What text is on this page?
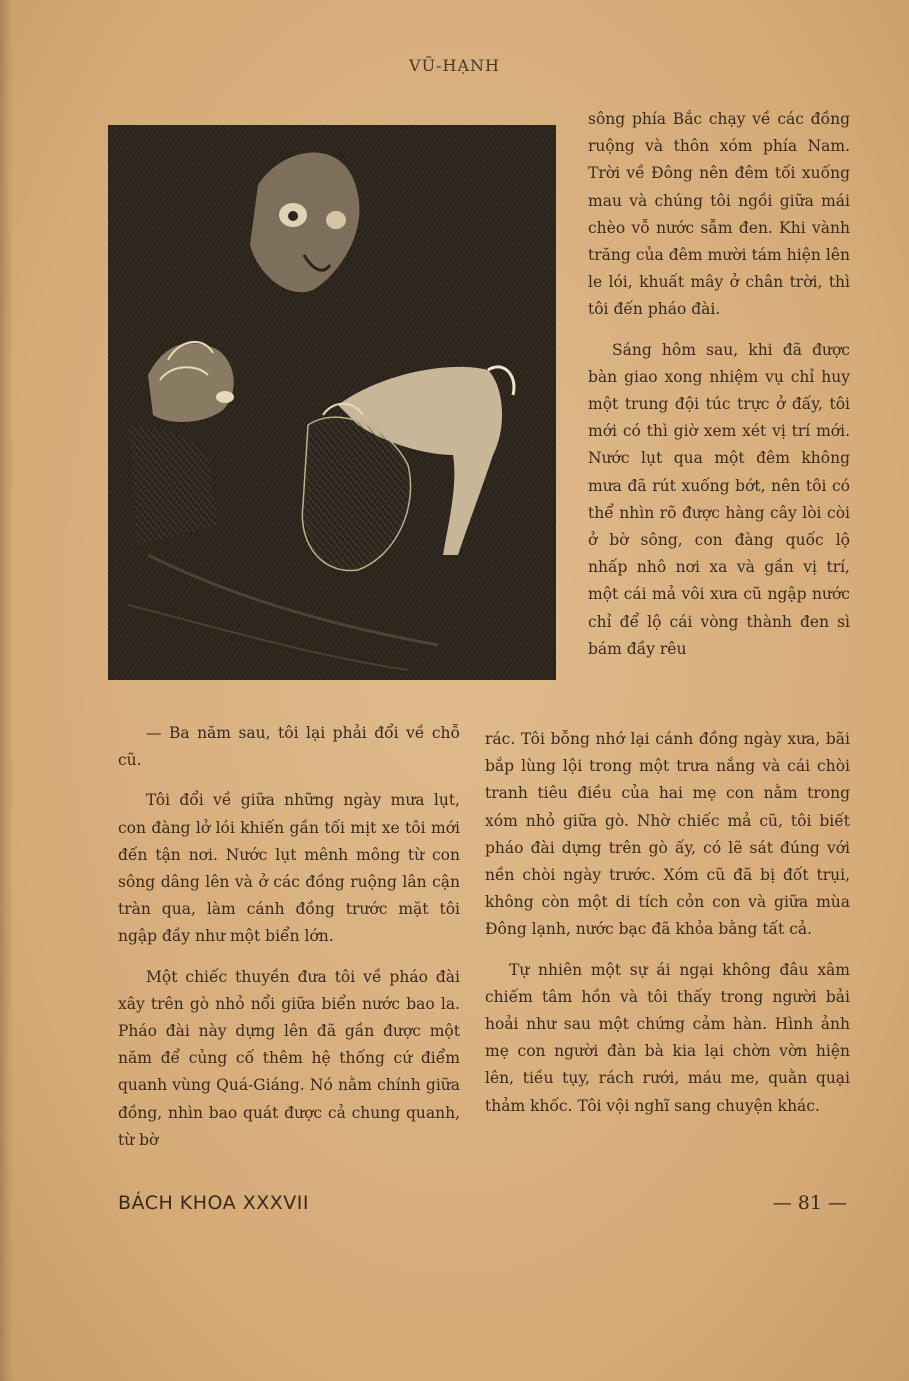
VŨ-HẠNH

— Ba năm sau, tôi lại phải đổi về chỗ cũ.

Tôi đổi về giữa những ngày mưa lụt, con đàng lở lói khiến gần tối mịt xe tôi mới đến tận nơi. Nước lụt mênh mông từ con sông dâng lên và ở các đồng ruộng lân cận tràn qua, làm cánh đồng trước mặt tôi ngập đầy như một biển lớn.

Một chiếc thuyền đưa tôi về pháo đài xây trên gò nhỏ nổi giữa biển nước bao la. Pháo đài này dựng lên đã gần được một năm để củng cố thêm hệ thống cứ điểm quanh vùng Quá-Giáng. Nó nằm chính giữa đồng, nhìn bao quát được cả chung quanh, từ bờ

sông phía Bắc chạy về các đồng ruộng và thôn xóm phía Nam. Trời về Đông nên đêm tối xuống mau và chúng tôi ngồi giữa mái chèo vỗ nước sẫm đen. Khi vành trăng của đêm mười tám hiện lên le lói, khuất mây ở chân trời, thì tôi đến pháo đài.

Sáng hôm sau, khi đã được bàn giao xong nhiệm vụ chỉ huy một trung đội túc trực ở đấy, tôi mới có thì giờ xem xét vị trí mới. Nước lụt qua một đêm không mưa đã rút xuống bớt, nên tôi có thể nhìn rõ được hàng cây lòi còi ở bờ sông, con đàng quốc lộ nhấp nhô nơi xa và gần vị trí, một cái mả vôi xưa cũ ngập nước chỉ để lộ cái vòng thành đen sì bám đầy rêu

rác. Tôi bỗng nhớ lại cánh đồng ngày xưa, bãi bắp lùng lội trong một trưa nắng và cái chòi tranh tiêu điều của hai mẹ con nằm trong xóm nhỏ giữa gò. Nhờ chiếc mả cũ, tôi biết pháo đài dựng trên gò ấy, có lẽ sát đúng với nền chòi ngày trước. Xóm cũ đã bị đốt trụi, không còn một di tích cỏn con và giữa mùa Đông lạnh, nước bạc đã khỏa bằng tất cả.

Tự nhiên một sự ái ngại không đâu xâm chiếm tâm hồn và tôi thấy trong người bải hoải như sau một chứng cảm hàn. Hình ảnh mẹ con người đàn bà kia lại chờn vờn hiện lên, tiều tụy, rách rưới, máu me, quằn quại thảm khốc. Tôi vội nghĩ sang chuyện khác.

BÁCH KHOA XXXVII	— 81 —
